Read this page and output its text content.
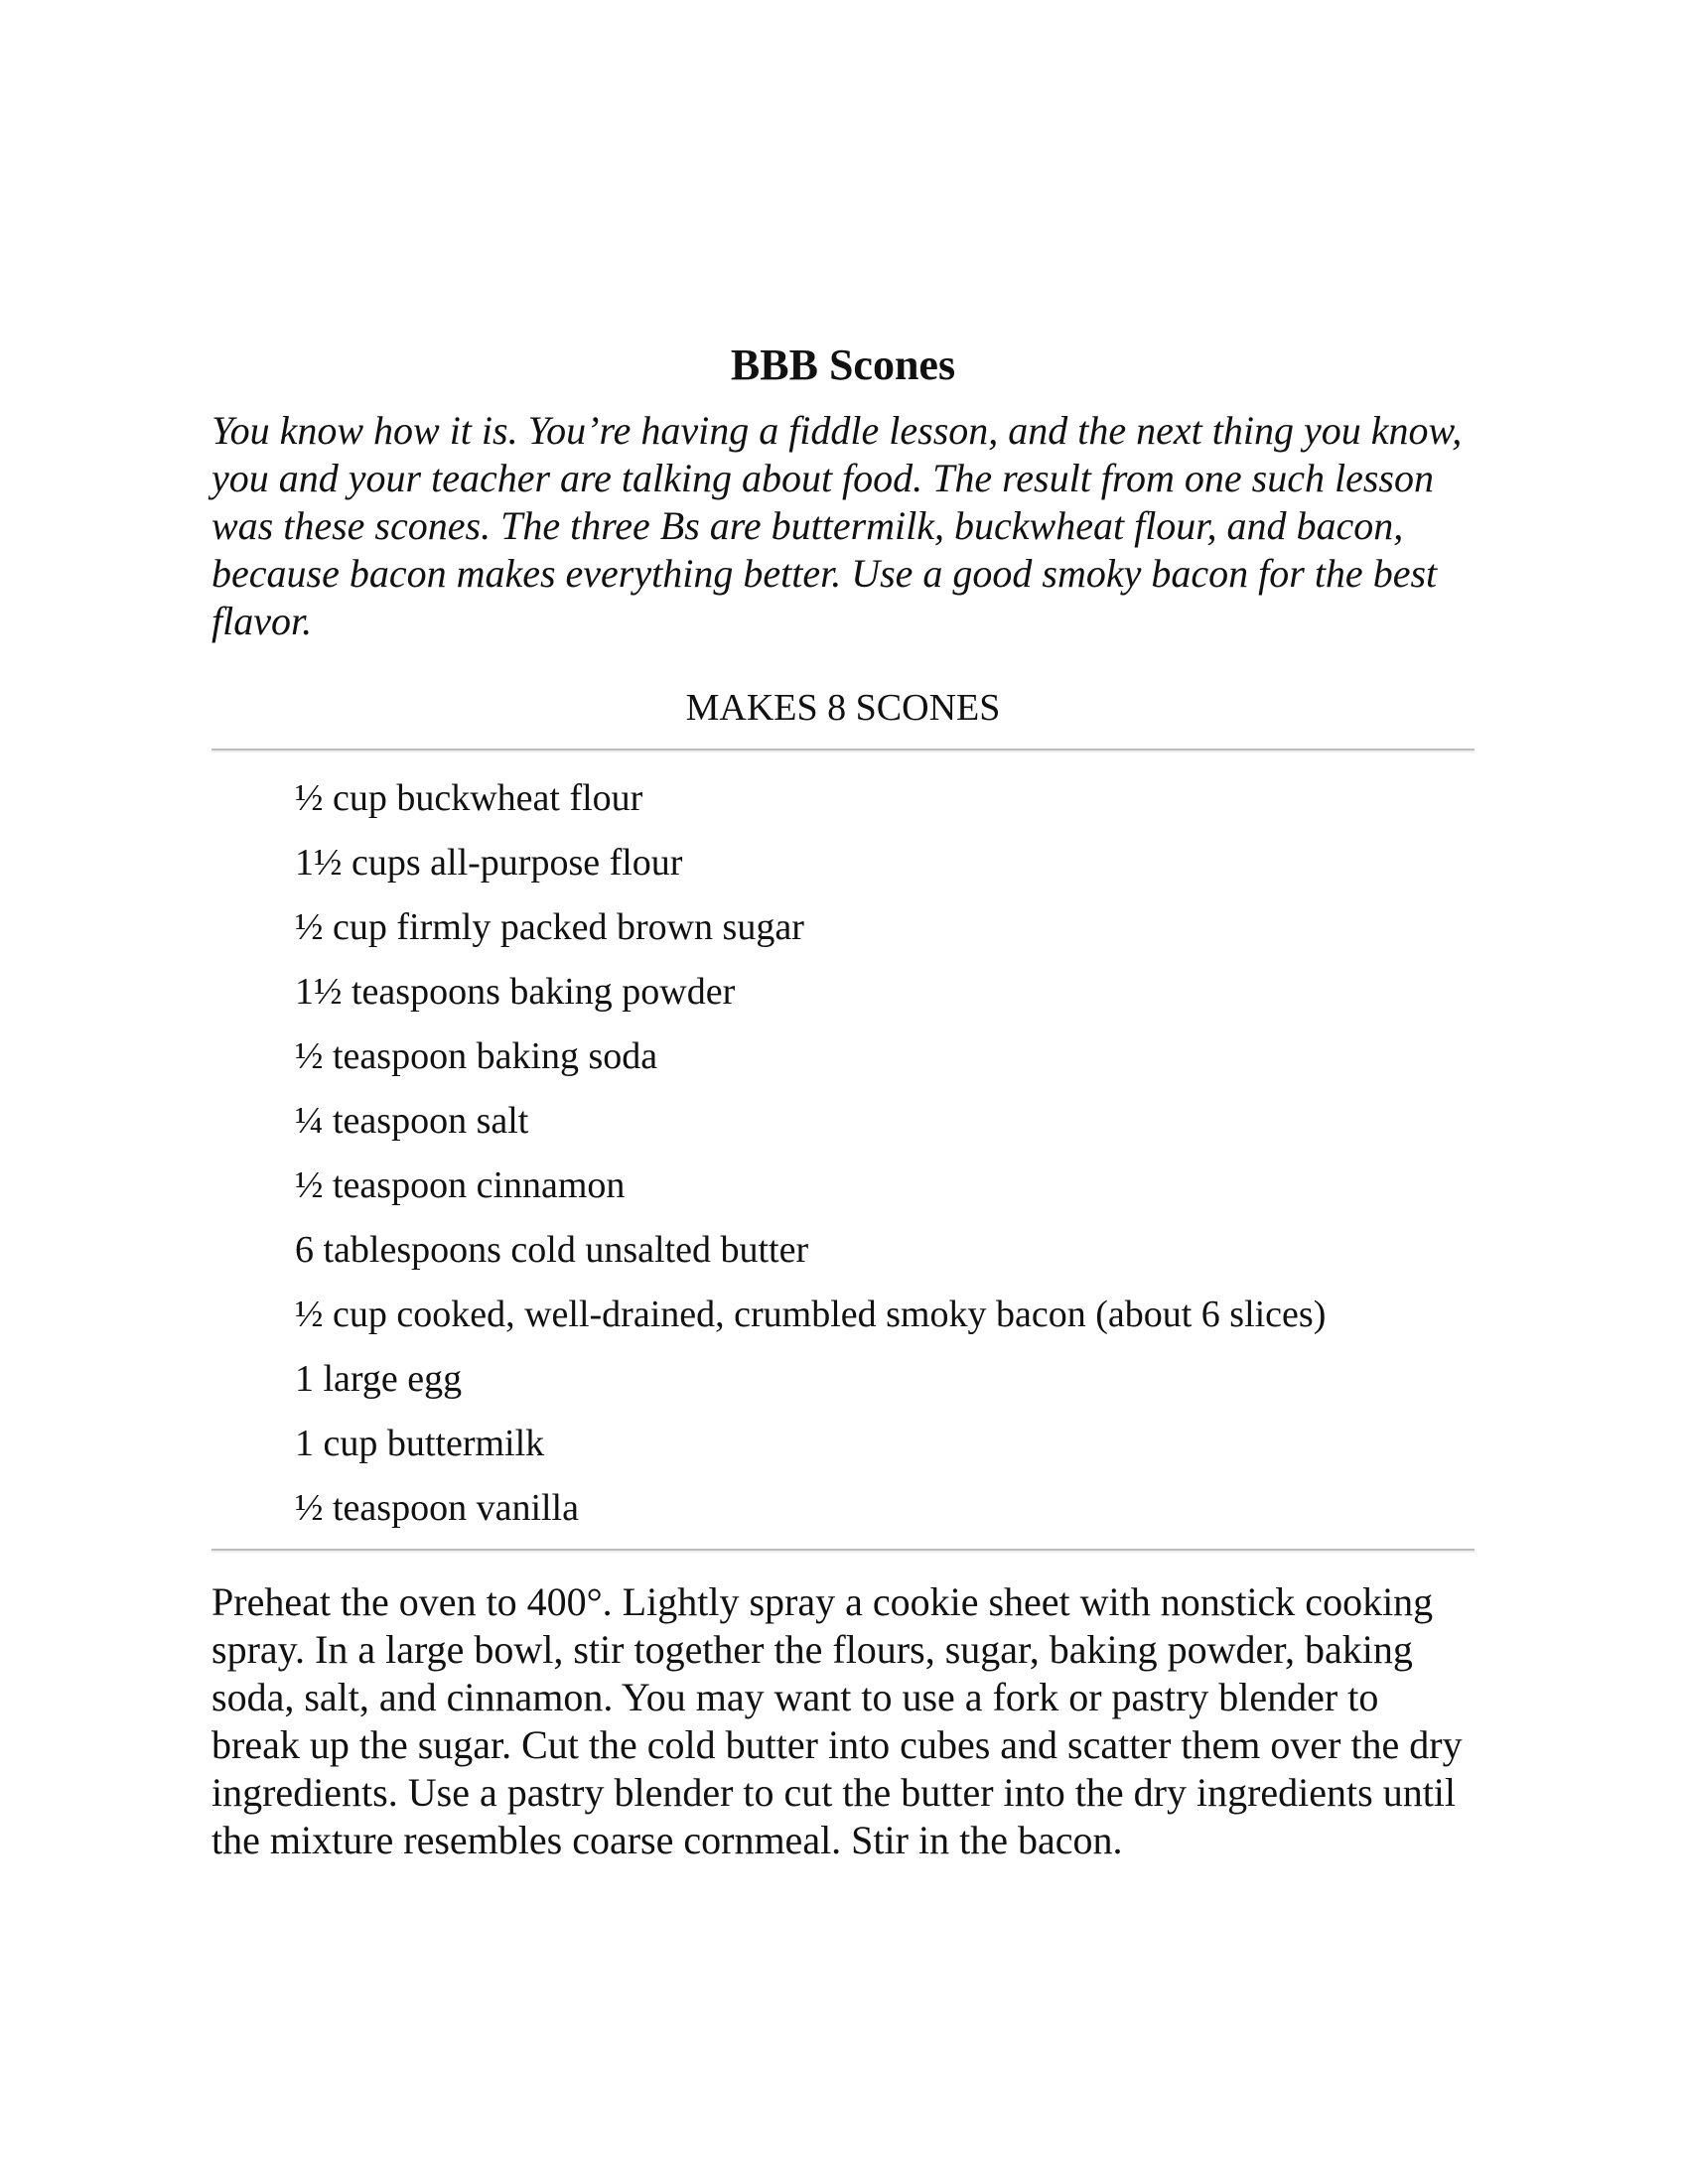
BBB Scones

You know how it is. You’re having a fiddle lesson, and the next thing you know, you and your teacher are talking about food. The result from one such lesson was these scones. The three Bs are buttermilk, buckwheat flour, and bacon, because bacon makes everything better. Use a good smoky bacon for the best flavor.

MAKES 8 SCONES

½ cup buckwheat flour
1½ cups all-purpose flour
½ cup firmly packed brown sugar
1½ teaspoons baking powder
½ teaspoon baking soda
¼ teaspoon salt
½ teaspoon cinnamon
6 tablespoons cold unsalted butter
½ cup cooked, well-drained, crumbled smoky bacon (about 6 slices)
1 large egg
1 cup buttermilk
½ teaspoon vanilla

Preheat the oven to 400°. Lightly spray a cookie sheet with nonstick cooking spray. In a large bowl, stir together the flours, sugar, baking powder, baking soda, salt, and cinnamon. You may want to use a fork or pastry blender to break up the sugar. Cut the cold butter into cubes and scatter them over the dry ingredients. Use a pastry blender to cut the butter into the dry ingredients until the mixture resembles coarse cornmeal. Stir in the bacon.
